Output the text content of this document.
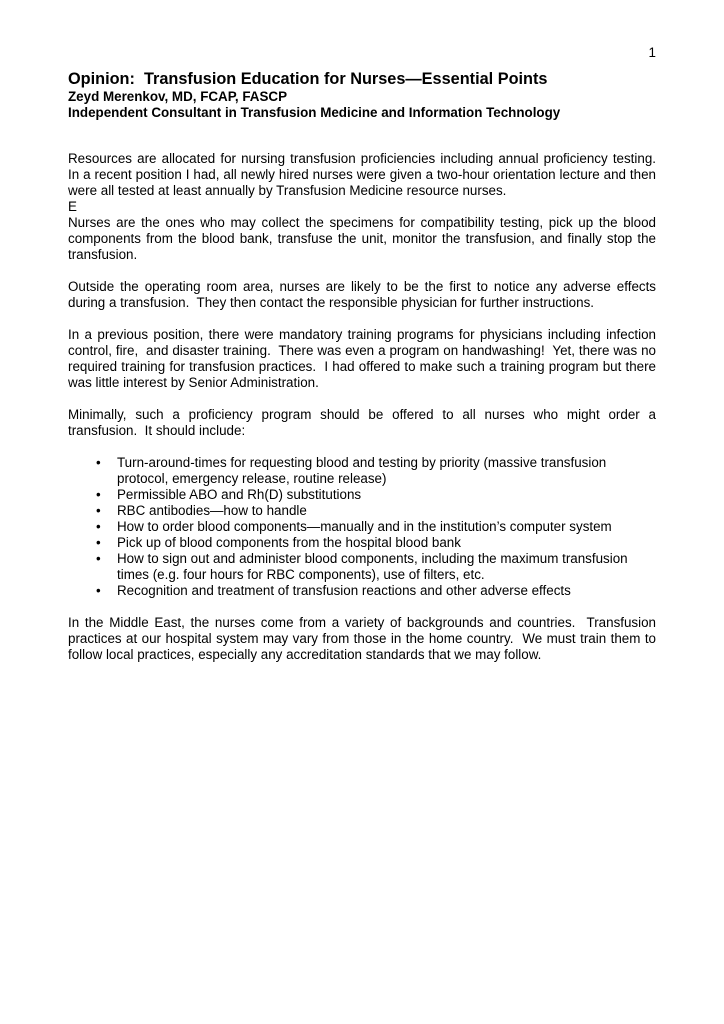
1
Opinion:  Transfusion Education for Nurses—Essential Points
Zeyd Merenkov, MD, FCAP, FASCP
Independent Consultant in Transfusion Medicine and Information Technology

Resources are allocated for nursing transfusion proficiencies including annual proficiency testing.  In a recent position I had, all newly hired nurses were given a two-hour orientation lecture and then were all tested at least annually by Transfusion Medicine resource nurses.

E

Nurses are the ones who may collect the specimens for compatibility testing, pick up the blood components from the blood bank, transfuse the unit, monitor the transfusion, and finally stop the transfusion.

Outside the operating room area, nurses are likely to be the first to notice any adverse effects during a transfusion.  They then contact the responsible physician for further instructions.

In a previous position, there were mandatory training programs for physicians including infection control, fire,  and disaster training.  There was even a program on handwashing!  Yet, there was no required training for transfusion practices.  I had offered to make such a training program but there was little interest by Senior Administration.

Minimally, such a proficiency program should be offered to all nurses who might order a transfusion.  It should include:

• Turn-around-times for requesting blood and testing by priority (massive transfusion protocol, emergency release, routine release)
• Permissible ABO and Rh(D) substitutions
• RBC antibodies—how to handle
• How to order blood components—manually and in the institution’s computer system
• Pick up of blood components from the hospital blood bank
• How to sign out and administer blood components, including the maximum transfusion times (e.g. four hours for RBC components), use of filters, etc.
• Recognition and treatment of transfusion reactions and other adverse effects

In the Middle East, the nurses come from a variety of backgrounds and countries.  Transfusion practices at our hospital system may vary from those in the home country.  We must train them to follow local practices, especially any accreditation standards that we may follow.
